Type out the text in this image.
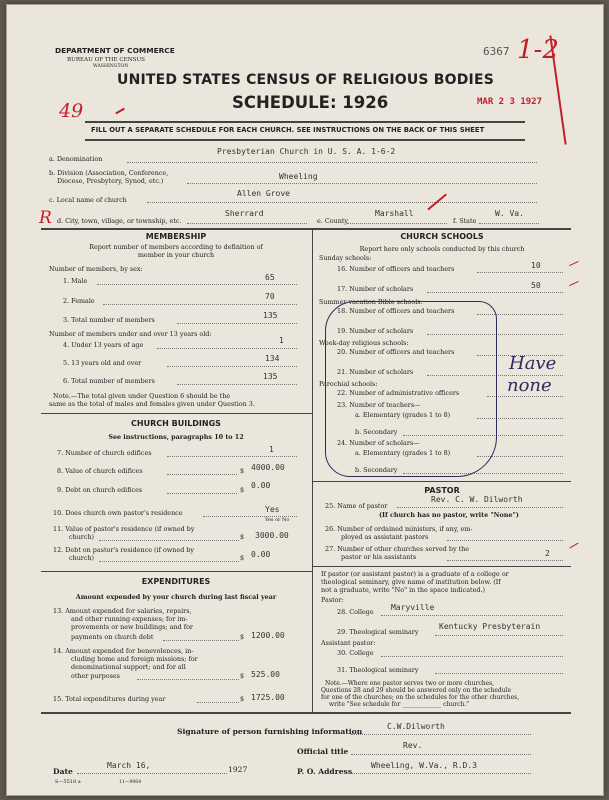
DEPARTMENT OF COMMERCE
BUREAU OF THE CENSUS
WASHINGTON
UNITED STATES CENSUS OF RELIGIOUS BODIES
SCHEDULE: 1926
49
6367 1-2
MAR 2 3 1927
FILL OUT A SEPARATE SCHEDULE FOR EACH CHURCH. SEE INSTRUCTIONS ON THE BACK OF THIS SHEET
a. Denomination
Presbyterian Church in U. S. A. 1-6-2
b. Division (Association, Conference,
Diocese, Presbytery, Synod, etc.)	Wheeling
c. Local name of church
Allen Grove
R d. City, town, village, or township, etc.
Sherrard
e. County
Marshall
f. State
W. Va.
MEMBERSHIP
Report number of members according to definition of
member in your church
Number of members, by sex:
1. Male	65
2. Female	70
3. Total number of members	135
Number of members under and over 13 years old:
4. Under 13 years of age	1
5. 13 years old and over	134
6. Total number of members	135
Note.—The total given under Question 6 should be the
same as the total of males and females given under Question 3.
CHURCH BUILDINGS
See instructions, paragraphs 10 to 12
7. Number of church edifices	1
8. Value of church edifices	$ 4000.00
9. Debt on church edifices	$ 0.00
10. Does church own pastor's residence	Yes
Yes or No
11. Value of pastor's residence (if owned by
church)	$ 3000.00
12. Debt on pastor's residence (if owned by
church)	$ 0.00
EXPENDITURES
Amount expended by your church during last fiscal year
13. Amount expended for salaries, repairs,
and other running expenses; for im-
provements or new buildings; and for
payments on church debt	$ 1200.00
14. Amount expended for benevolences, in-
cluding home and foreign missions; for
denominational support; and for all
other purposes	$ 525.00
15. Total expenditures during year	$ 1725.00
CHURCH SCHOOLS
Report here only schools conducted by this church
Sunday schools:
16. Number of officers and teachers	10
17. Number of scholars	50
Summer vacation Bible schools:
18. Number of officers and teachers
19. Number of scholars
Week-day religious schools:
20. Number of officers and teachers
21. Number of scholars
Parochial schools:
22. Number of administrative officers
23. Number of teachers—
a. Elementary (grades 1 to 8)
b. Secondary
24. Number of scholars—
a. Elementary (grades 1 to 8)
b. Secondary
Have
none
PASTOR
25. Name of pastor
Rev. C. W. Dilworth
(If church has no pastor, write "None")
26. Number of ordained ministers, if any, em-
ployed as assistant pastors
27. Number of other churches served by the
pastor or his assistants	2
If pastor (or assistant pastor) is a graduate of a college or
theological seminary, give name of institution below. (If
not a graduate, write "No" in the space indicated.)
Pastor:
28. College Maryville
29. Theological seminary
Kentucky Presbyterain
Assistant pastor:
30. College
31. Theological seminary
Note.—Where one pastor serves two or more churches,
Questions 28 and 29 should be answered only on the schedule
for one of the churches; on the schedules for the other churches,
write "See schedule for _____________ church."
Signature of person furnishing information
C.W.Dilworth
Official title
Rev.
Date
March 16,	1927	P. O. Address
Wheeling, W.Va., R.D.3
S—5518 a	11—9064
